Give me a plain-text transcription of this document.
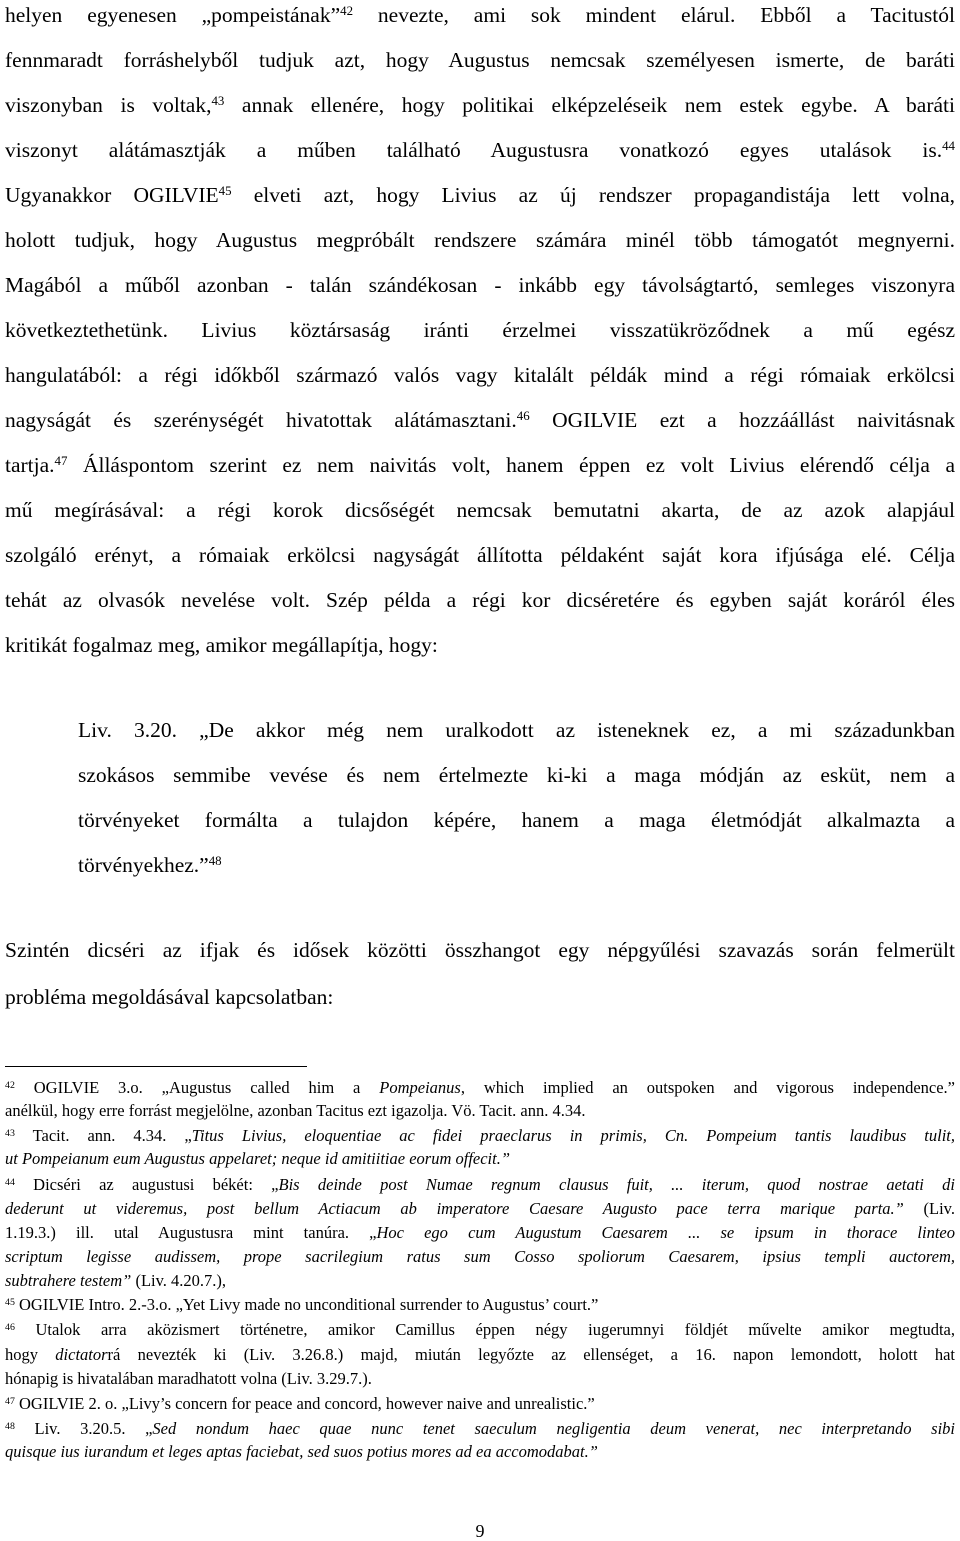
helyen egyenesen „pompeistának”$^{42}$ nevezte, ami sok mindent elárul. Ebből a Tacitustól
fennmaradt forráshelyből tudjuk azt, hogy Augustus nemcsak személyesen ismerte, de baráti
viszonyban is voltak,$^{43}$ annak ellenére, hogy politikai elképzeléseik nem estek egybe. A baráti
viszonyt alátámasztják a műben található Augustusra vonatkozó egyes utalások is.$^{44}$
Ugyanakkor OGILVIE$^{45}$ elveti azt, hogy Livius az új rendszer propagandistája lett volna,
holott tudjuk, hogy Augustus megpróbált rendszere számára minél több támogatót megnyerni.
Magából a műből azonban - talán szándékosan - inkább egy távolságtartó, semleges viszonyra
következtethetünk. Livius köztársaság iránti érzelmei visszatükröződnek a mű egész
hangulatából: a régi időkből származó valós vagy kitalált példák mind a régi rómaiak erkölcsi
nagyságát és szerénységét hivatottak alátámasztani.$^{46}$ OGILVIE ezt a hozzáállást naivitásnak
tartja.$^{47}$ Álláspontom szerint ez nem naivitás volt, hanem éppen ez volt Livius elérendő célja a
mű megírásával: a régi korok dicsőségét nemcsak bemutatni akarta, de az azok alapjául
szolgáló erényt, a rómaiak erkölcsi nagyságát állította példaként saját kora ifjúsága elé. Célja
tehát az olvasók nevelése volt. Szép példa a régi kor dicséretére és egyben saját koráról éles
kritikát fogalmaz meg, amikor megállapítja, hogy:
Liv. 3.20. „De akkor még nem uralkodott az isteneknek ez, a mi századunkban
szokásos semmibe vevése és nem értelmezte ki-ki a maga módján az esküt, nem a
törvényeket formálta a tulajdon képére, hanem a maga életmódját alkalmazta a
törvényekhez.”$^{48}$
Szintén dicséri az ifjak és idősek közötti összhangot egy népgyűlési szavazás során felmerült
probléma megoldásával kapcsolatban:
$^{42}$ OGILVIE 3.o. „Augustus called him a Pompeianus, which implied an outspoken and vigorous independence.”
anélkül, hogy erre forrást megjelölne, azonban Tacitus ezt igazolja. Vö. Tacit. ann. 4.34.
$^{43}$ Tacit. ann. 4.34. „Titus Livius, eloquentiae ac fidei praeclarus in primis, Cn. Pompeium tantis laudibus tulit,
ut Pompeianum eum Augustus appelaret; neque id amitiitiae eorum offecit.”
$^{44}$ Dicséri az augustusi békét: „Bis deinde post Numae regnum clausus fuit, ... iterum, quod nostrae aetati di
dederunt ut videremus, post bellum Actiacum ab imperatore Caesare Augusto pace terra marique parta.” (Liv.
1.19.3.) ill. utal Augustusra mint tanúra. „Hoc ego cum Augustum Caesarem ... se ipsum in thorace linteo
scriptum legisse audissem, prope sacrilegium ratus sum Cosso spoliorum Caesarem, ipsius templi auctorem,
subtrahere testem” (Liv. 4.20.7.),
$^{45}$ OGILVIE Intro. 2.-3.o. „Yet Livy made no unconditional surrender to Augustus’ court.”
$^{46}$ Utalok arra aközismert történetre, amikor Camillus éppen négy iugerumnyi földjét művelte amikor megtudta,
hogy dictatorrá nevezték ki (Liv. 3.26.8.) majd, miután legyőzte az ellenséget, a 16. napon lemondott, holott hat
hónapig is hivatalában maradhatott volna (Liv. 3.29.7.).
$^{47}$ OGILVIE 2. o. „Livy’s concern for peace and concord, however naive and unrealistic.”
$^{48}$ Liv. 3.20.5. „Sed nondum haec quae nunc tenet saeculum negligentia deum venerat, nec interpretando sibi
quisque ius iurandum et leges aptas faciebat, sed suos potius mores ad ea accomodabat.”
9
